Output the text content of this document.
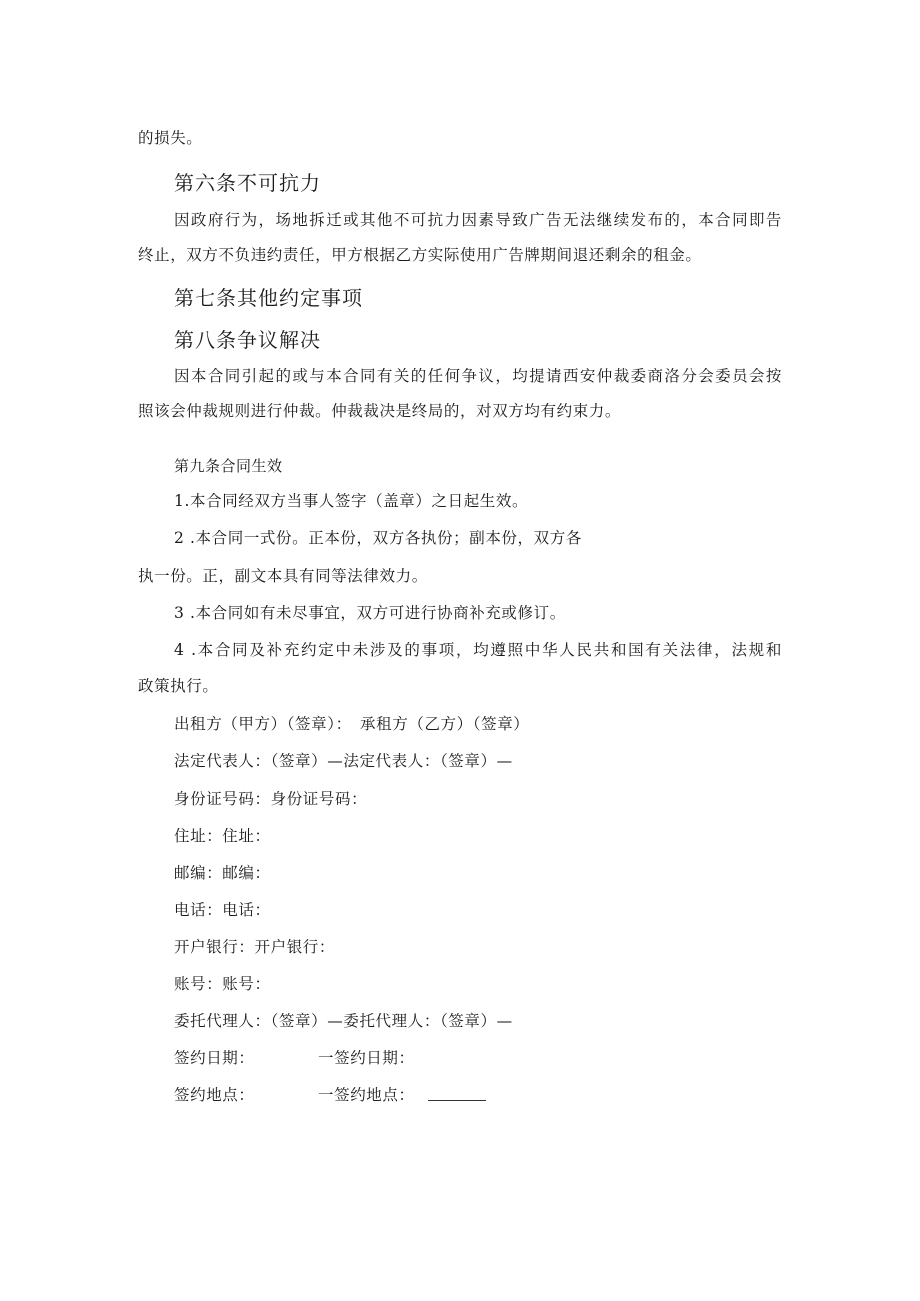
的损失。
第六条不可抗力
因政府行为，场地拆迁或其他不可抗力因素导致广告无法继续发布的，本合同即告
终止，双方不负违约责任，甲方根据乙方实际使用广告牌期间退还剩余的租金。
第七条其他约定事项
第八条争议解决
因本合同引起的或与本合同有关的任何争议，均提请西安仲裁委商洛分会委员会按
照该会仲裁规则进行仲裁。仲裁裁决是终局的，对双方均有约束力。
第九条合同生效
1.本合同经双方当事人签字（盖章）之日起生效。
2 .本合同一式份。正本份，双方各执份；副本份，双方各
执一份。正，副文本具有同等法律效力。
3 .本合同如有未尽事宜，双方可进行协商补充或修订。
4 .本合同及补充约定中未涉及的事项，均遵照中华人民共和国有关法律，法规和
政策执行。
出租方（甲方）（签章）：　承租方（乙方）（签章）
法定代表人：（签章）—法定代表人：（签章）—
身份证号码：身份证号码：
住址：住址：
邮编：邮编：
电话：电话：
开户银行：开户银行：
账号：账号：
委托代理人：（签章）—委托代理人：（签章）—
签约日期：	一签约日期：
签约地点：	一签约地点：
